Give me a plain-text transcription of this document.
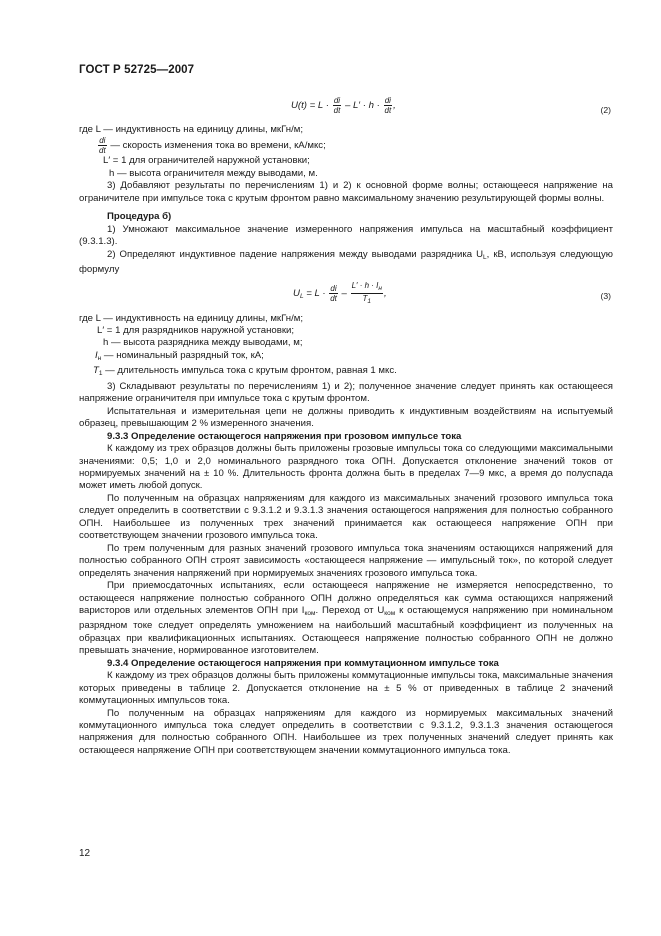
ГОСТ Р 52725—2007
$U(t) = L \cdot \frac{di}{dt} - L' \cdot h \cdot \frac{di}{dt}$ ,	(2)
где L — индуктивность на единицу длины, мкГн/м;
$\frac{di}{dt}$ — скорость изменения тока во времени, кА/мкс;
L′ = 1 для ограничителей наружной установки;
h — высота ограничителя между выводами, м.
3) Добавляют результаты по перечислениям 1) и 2) к основной форме волны; остающееся напряжение на ограничителе при импульсе тока с крутым фронтом равно максимальному значению результирующей формы волны.
Процедура б)
1) Умножают максимальное значение измеренного напряжения импульса на масштабный коэффициент (9.3.1.3).
2) Определяют индуктивное падение напряжения между выводами разрядника $U_L$, кВ, используя следующую формулу
$U_L = L \cdot \frac{di}{dt} - \frac{L' \cdot h \cdot I_н}{T_1}$ ,	(3)
где L — индуктивность на единицу длины, мкГн/м;
L′ = 1 для разрядников наружной установки;
h — высота разрядника между выводами, м;
$I_н$ — номинальный разрядный ток, кА;
$T_1$ — длительность импульса тока с крутым фронтом, равная 1 мкс.
3) Складывают результаты по перечислениям 1) и 2); полученное значение следует принять как остающееся напряжение ограничителя при импульсе тока с крутым фронтом.
Испытательная и измерительная цепи не должны приводить к индуктивным воздействиям на испытуемый образец, превышающим 2 % измеренного значения.
9.3.3 Определение остающегося напряжения при грозовом импульсе тока
К каждому из трех образцов должны быть приложены грозовые импульсы тока со следующими максимальными значениями: 0,5; 1,0 и 2,0 номинального разрядного тока ОПН. Допускается отклонение значений токов от нормируемых значений на ± 10 %. Длительность фронта должна быть в пределах 7—9 мкс, а время до полуспада может иметь любой допуск.
По полученным на образцах напряжениям для каждого из максимальных значений грозового импульса тока следует определить в соответствии с 9.3.1.2 и 9.3.1.3 значения остающегося напряжения для полностью собранного ОПН. Наибольшее из полученных трех значений принимается как остающееся напряжение ОПН при соответствующем значении грозового импульса тока.
По трем полученным для разных значений грозового импульса тока значениям остающихся напряжений для полностью собранного ОПН строят зависимость «остающееся напряжение — импульсный ток», по которой следует определять значения напряжений при нормируемых значениях грозового импульса тока.
При приемосдаточных испытаниях, если остающееся напряжение не измеряется непосредственно, то остающееся напряжение полностью собранного ОПН должно определяться как сумма остающихся напряжений варисторов или отдельных элементов ОПН при $I_{ком}$. Переход от $U_{ком}$ к остающемуся напряжению при номинальном разрядном токе следует определять умножением на наибольший масштабный коэффициент из полученных на образцах при квалификационных испытаниях. Остающееся напряжение полностью собранного ОПН не должно превышать значение, нормированное изготовителем.
9.3.4 Определение остающегося напряжения при коммутационном импульсе тока
К каждому из трех образцов должны быть приложены коммутационные импульсы тока, максимальные значения которых приведены в таблице 2. Допускается отклонение на ± 5 % от приведенных в таблице 2 значений коммутационных импульсов тока.
По полученным на образцах напряжениям для каждого из нормируемых максимальных значений коммутационного импульса тока следует определить в соответствии с 9.3.1.2, 9.3.1.3 значения остающегося напряжения для полностью собранного ОПН. Наибольшее из трех полученных значений следует принять как остающееся напряжение ОПН при соответствующем значении коммутационного импульса тока.
12
